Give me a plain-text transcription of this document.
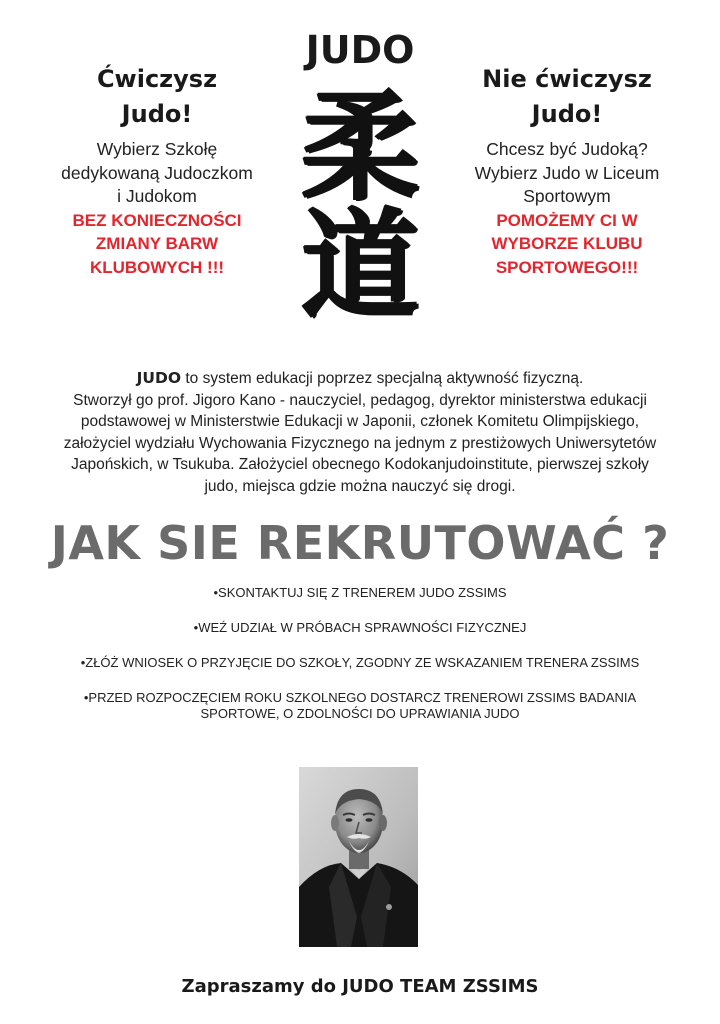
JUDO
Ćwiczysz
Judo!
Wybierz Szkołę
dedykowaną Judoczkom
i Judokom
BEZ KONIECZNOŚCI
ZMIANY BARW
KLUBOWYCH !!!
柔
道
Nie ćwiczysz
Judo!
Chcesz być Judoką?
Wybierz Judo w Liceum
Sportowym
POMOŻEMY CI W
WYBORZE KLUBU
SPORTOWEGO!!!
JUDO to system edukacji poprzez specjalną aktywność fizyczną.
Stworzył go prof. Jigoro Kano - nauczyciel, pedagog, dyrektor ministerstwa edukacji
podstawowej w Ministerstwie Edukacji w Japonii, członek Komitetu Olimpijskiego,
założyciel wydziału Wychowania Fizycznego na jednym z prestiżowych Uniwersytetów
Japońskich, w Tsukuba. Założyciel obecnego Kodokanjudoinstitute, pierwszej szkoły
judo, miejsca gdzie można nauczyć się drogi.
JAK SIE REKRUTOWAĆ ?
•SKONTAKTUJ SIĘ Z TRENEREM JUDO ZSSIMS
•WEŹ UDZIAŁ W PRÓBACH SPRAWNOŚCI FIZYCZNEJ
•ZŁÓŻ WNIOSEK O PRZYJĘCIE DO SZKOŁY, ZGODNY ZE WSKAZANIEM TRENERA ZSSIMS
•PRZED ROZPOCZĘCIEM ROKU SZKOLNEGO DOSTARCZ TRENEROWI ZSSIMS BADANIA
SPORTOWE, O ZDOLNOŚCI DO UPRAWIANIA JUDO
Zapraszamy do JUDO TEAM ZSSIMS
